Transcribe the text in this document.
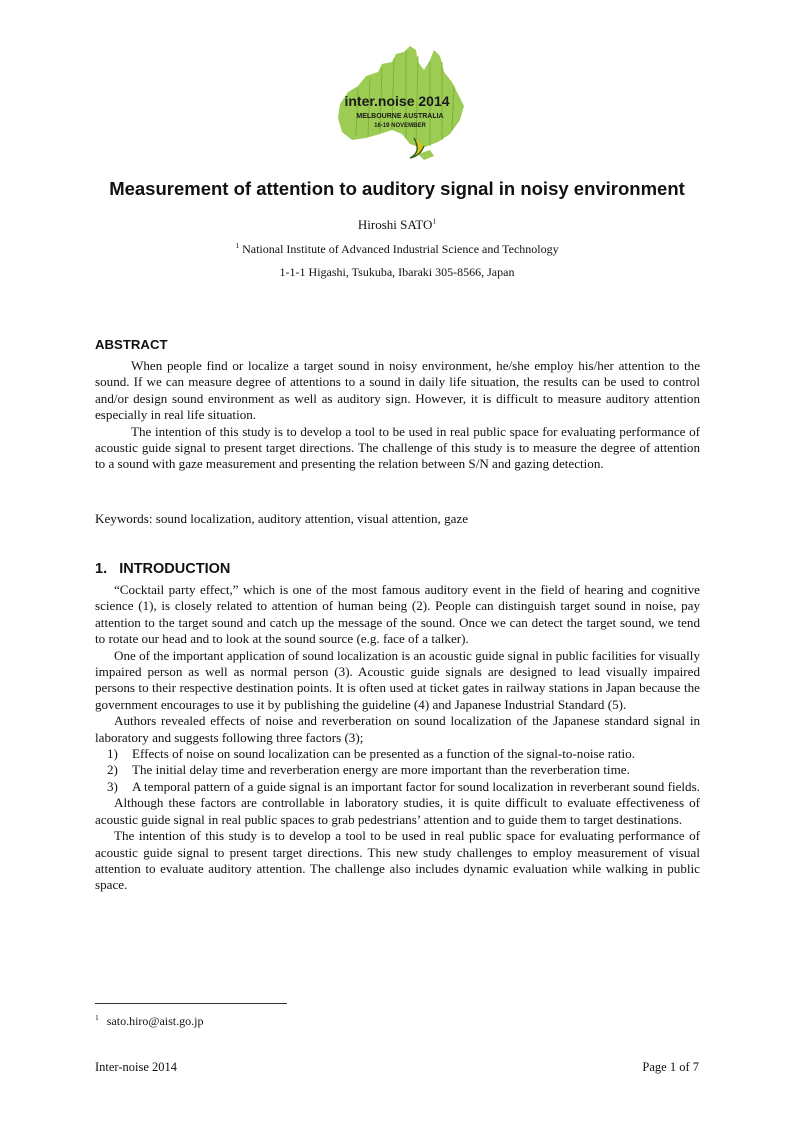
inter.noise 2014
MELBOURNE AUSTRALIA
16-19 NOVEMBER
Measurement of attention to auditory signal in noisy environment
Hiroshi SATO$^1$
$^1$ National Institute of Advanced Industrial Science and Technology
1-1-1 Higashi, Tsukuba, Ibaraki 305-8566, Japan
ABSTRACT

When people find or localize a target sound in noisy environment, he/she employ his/her attention to the sound. If we can measure degree of attentions to a sound in daily life situation, the results can be used to control and/or design sound environment as well as auditory sign. However, it is difficult to measure auditory attention especially in real life situation.

The intention of this study is to develop a tool to be used in real public space for evaluating performance of acoustic guide signal to present target directions. The challenge of this study is to measure the degree of attention to a sound with gaze measurement and presenting the relation between S/N and gazing detection.

Keywords: sound localization, auditory attention, visual attention, gaze
1. INTRODUCTION

“Cocktail party effect,” which is one of the most famous auditory event in the field of hearing and cognitive science (1), is closely related to attention of human being (2). People can distinguish target sound in noise, pay attention to the target sound and catch up the message of the sound. Once we can detect the target sound, we tend to rotate our head and to look at the sound source (e.g. face of a talker).

One of the important application of sound localization is an acoustic guide signal in public facilities for visually impaired person as well as normal person (3). Acoustic guide signals are designed to lead visually impaired persons to their respective destination points. It is often used at ticket gates in railway stations in Japan because the government encourages to use it by publishing the guideline (4) and Japanese Industrial Standard (5).

Authors revealed effects of noise and reverberation on sound localization of the Japanese standard signal in laboratory and suggests following three factors (3);

1) Effects of noise on sound localization can be presented as a function of the signal-to-noise ratio.
2) The initial delay time and reverberation energy are more important than the reverberation time.
3) A temporal pattern of a guide signal is an important factor for sound localization in reverberant sound fields.

Although these factors are controllable in laboratory studies, it is quite difficult to evaluate effectiveness of acoustic guide signal in real public spaces to grab pedestrians’ attention and to guide them to target destinations.

The intention of this study is to develop a tool to be used in real public space for evaluating performance of acoustic guide signal to present target directions. This new study challenges to employ measurement of visual attention to evaluate auditory attention. The challenge also includes dynamic evaluation while walking in public space.

$^1$ sato.hiro@aist.go.jp
Inter-noise 2014	Page 1 of 7
